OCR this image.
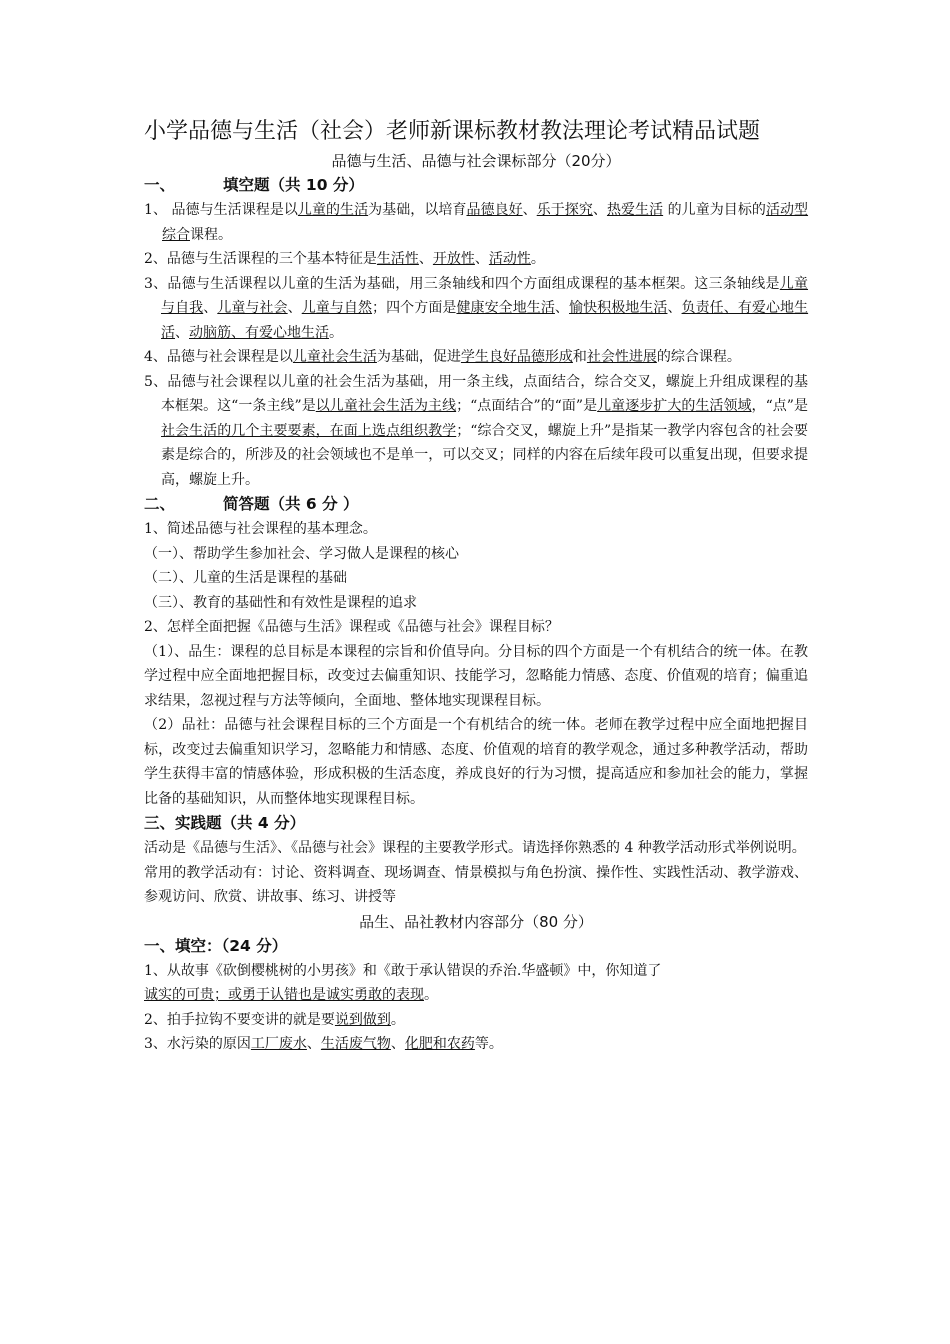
小学品德与生活（社会）老师新课标教材教法理论考试精品试题
品德与生活、品德与社会课标部分（20分）
一、	填空题（共 10 分）

1、 品德与生活课程是以儿童的生活为基础，以培育品德良好、乐于探究、热爱生活 的儿童为目标的活动型综合课程。

2、品德与生活课程的三个基本特征是生活性、开放性、活动性。

3、品德与生活课程以儿童的生活为基础，用三条轴线和四个方面组成课程的基本框架。这三条轴线是儿童与自我、儿童与社会、儿童与自然；四个方面是健康安全地生活、愉快积极地生活、负责任、有爱心地生活、动脑筋、有爱心地生活。

4、品德与社会课程是以儿童社会生活为基础，促进学生良好品德形成和社会性进展的综合课程。

5、品德与社会课程以儿童的社会生活为基础，用一条主线，点面结合，综合交叉，螺旋上升组成课程的基本框架。这“一条主线”是以儿童社会生活为主线；“点面结合”的“面”是儿童逐步扩大的生活领域，“点”是社会生活的几个主要要素，在面上选点组织教学；“综合交叉，螺旋上升”是指某一教学内容包含的社会要素是综合的，所涉及的社会领域也不是单一，可以交叉；同样的内容在后续年段可以重复出现，但要求提高，螺旋上升。

二、	简答题（共 6 分 ）

1、简述品德与社会课程的基本理念。

（一）、帮助学生参加社会、学习做人是课程的核心

（二）、儿童的生活是课程的基础

（三）、教育的基础性和有效性是课程的追求

2、怎样全面把握《品德与生活》课程或《品德与社会》课程目标？

（1）、品生：课程的总目标是本课程的宗旨和价值导向。分目标的四个方面是一个有机结合的统一体。在教学过程中应全面地把握目标，改变过去偏重知识、技能学习，忽略能力情感、态度、价值观的培育；偏重追求结果，忽视过程与方法等倾向，全面地、整体地实现课程目标。

（2）品社：品德与社会课程目标的三个方面是一个有机结合的统一体。老师在教学过程中应全面地把握目标，改变过去偏重知识学习，忽略能力和情感、态度、价值观的培育的教学观念，通过多种教学活动，帮助学生获得丰富的情感体验，形成积极的生活态度，养成良好的行为习惯，提高适应和参加社会的能力，掌握比备的基础知识，从而整体地实现课程目标。

三、实践题（共 4 分）

活动是《品德与生活》、《品德与社会》课程的主要教学形式。请选择你熟悉的 4 种教学活动形式举例说明。

常用的教学活动有：讨论、资料调查、现场调查、情景模拟与角色扮演、操作性、实践性活动、教学游戏、参观访问、欣赏、讲故事、练习、讲授等

品生、品社教材内容部分（80 分）
一、填空：（24 分）

1、从故事《砍倒樱桃树的小男孩》和《敢于承认错误的乔治.华盛顿》中，你知道了

诚实的可贵；或勇于认错也是诚实勇敢的表现。

2、拍手拉钩不要变讲的就是要说到做到。

3、水污染的原因工厂废水、生活废气物、化肥和农药等。
